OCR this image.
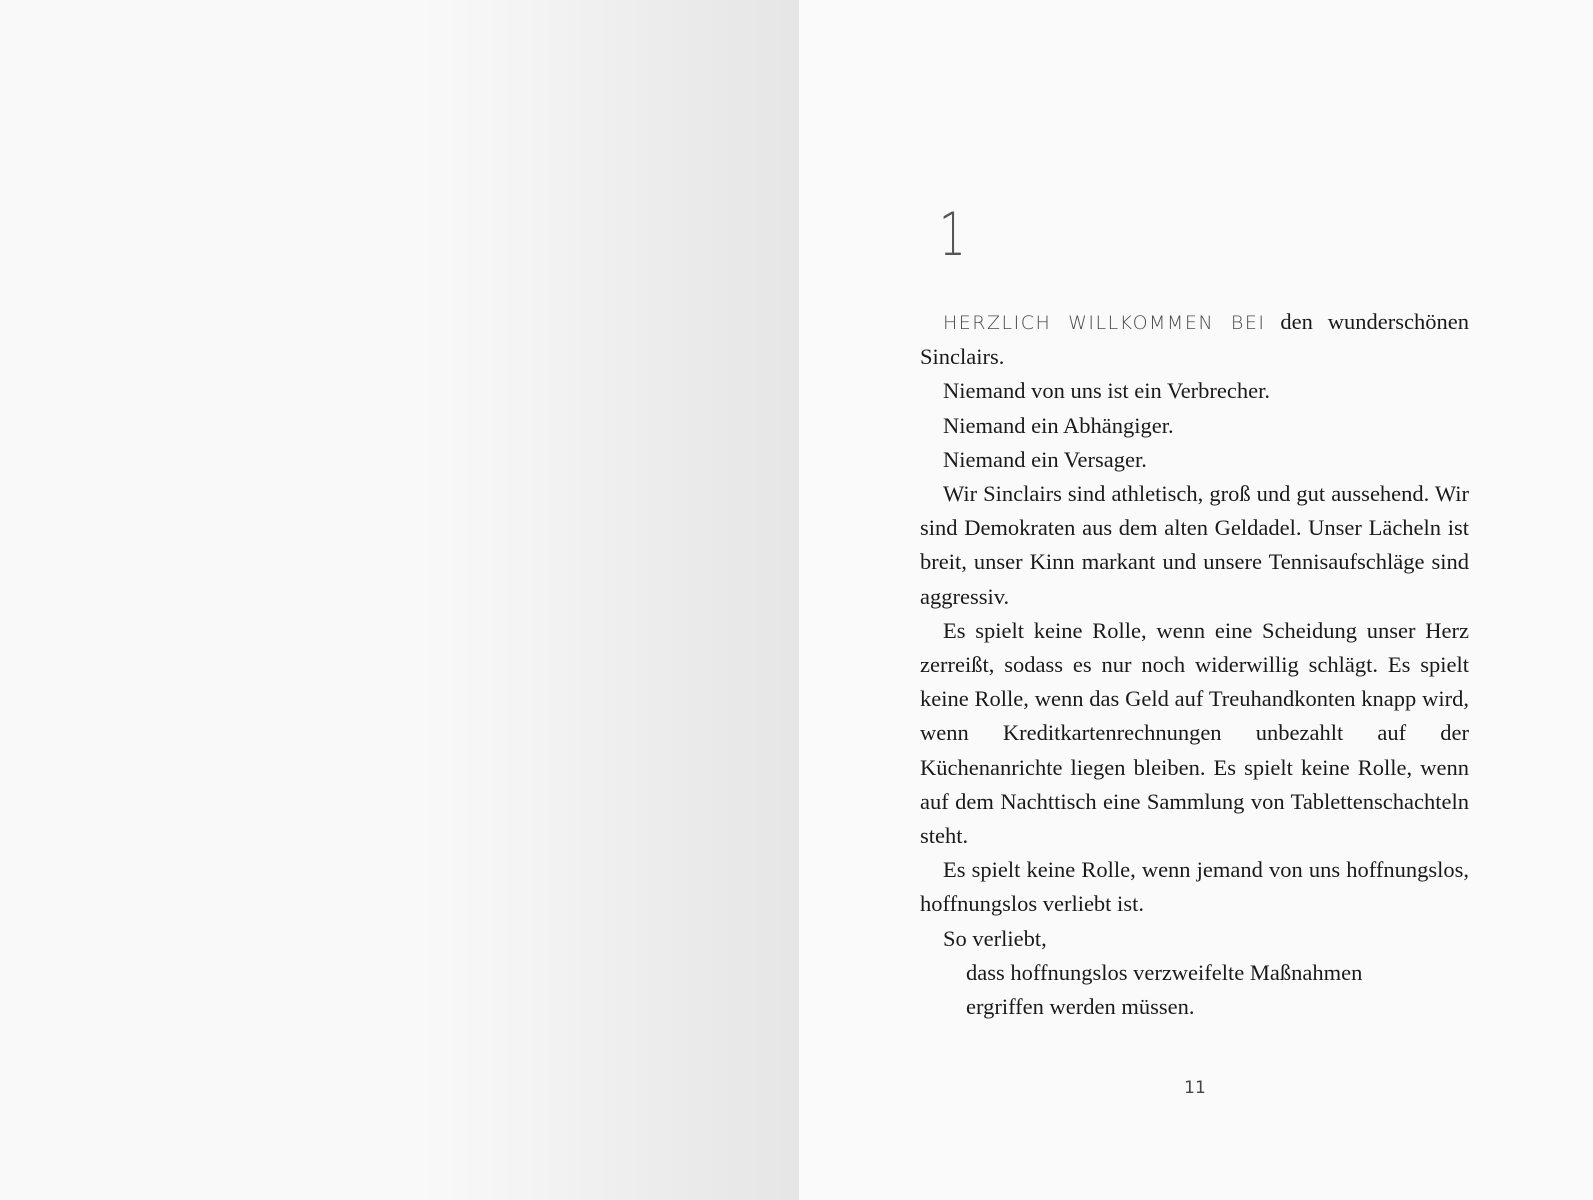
1

HERZLICH WILLKOMMEN BEI den wunderschönen Sinclairs.

Niemand von uns ist ein Verbrecher.

Niemand ein Abhängiger.

Niemand ein Versager.

Wir Sinclairs sind athletisch, groß und gut aussehend. Wir sind Demokraten aus dem alten Geldadel. Unser Lächeln ist breit, unser Kinn markant und unsere Tennisaufschläge sind aggressiv.

Es spielt keine Rolle, wenn eine Scheidung unser Herz zerreißt, sodass es nur noch widerwillig schlägt. Es spielt keine Rolle, wenn das Geld auf Treuhandkonten knapp wird, wenn Kreditkartenrechnungen unbezahlt auf der Küchenanrichte liegen bleiben. Es spielt keine Rolle, wenn auf dem Nachttisch eine Sammlung von Tablettenschachteln steht.

Es spielt keine Rolle, wenn jemand von uns hoffnungslos, hoffnungslos verliebt ist.

So verliebt,

dass hoffnungslos verzweifelte Maßnahmen

ergriffen werden müssen.

11
